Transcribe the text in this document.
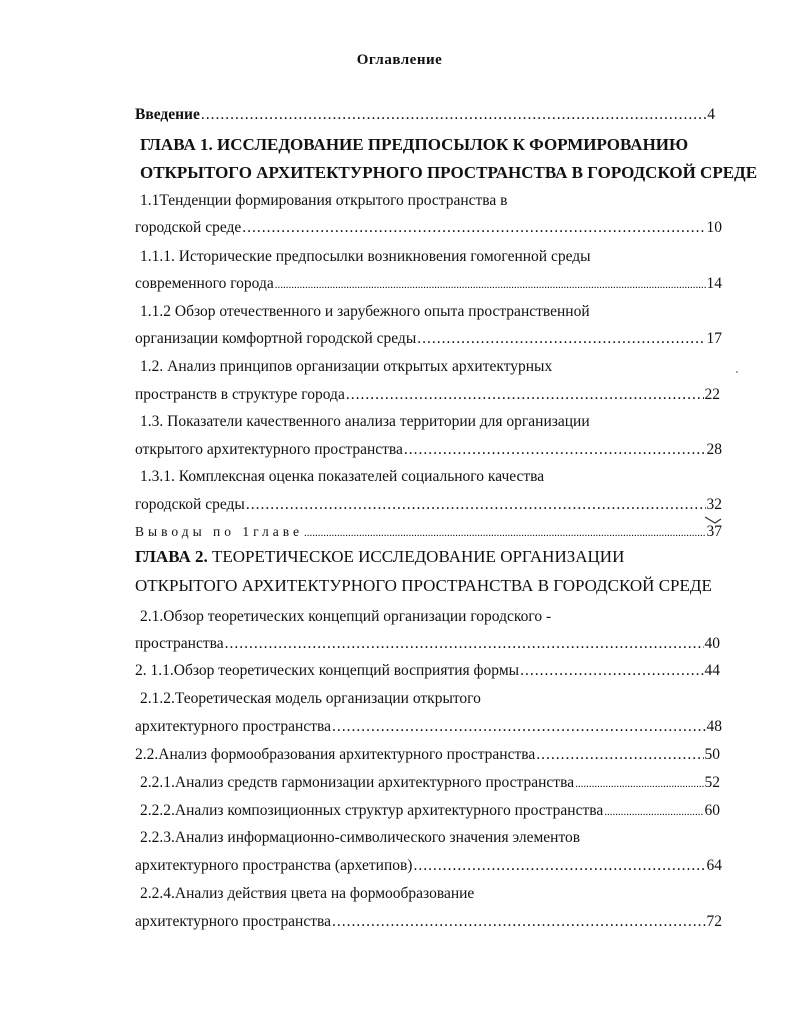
Оглавление
Введение .....	4
ГЛАВА 1. ИССЛЕДОВАНИЕ ПРЕДПОСЫЛОК К ФОРМИРОВАНИЮ
ОТКРЫТОГО АРХИТЕКТУРНОГО ПРОСТРАНСТВА В ГОРОДСКОЙ СРЕДЕ
1.1Тенденции формирования открытого пространства в
городской среде .....	10
1.1.1. Исторические предпосылки возникновения гомогенной среды
современного города .....	14
1.1.2 Обзор отечественного и зарубежного опыта пространственной
организации комфортной городской среды .....	17
1.2. Анализ принципов организации открытых архитектурных
пространств в структуре города .....	22
1.3. Показатели качественного анализа территории для организации
открытого архитектурного пространства .....	28
1.3.1. Комплексная оценка показателей социального качества
городской среды .....	32
Выводы по 1главе .....	37
ГЛАВА 2. ТЕОРЕТИЧЕСКОЕ ИССЛЕДОВАНИЕ ОРГАНИЗАЦИИ
ОТКРЫТОГО АРХИТЕКТУРНОГО ПРОСТРАНСТВА В ГОРОДСКОЙ СРЕДЕ
2.1.Обзор теоретических концепций организации городского -
пространства .....	40
2. 1.1.Обзор теоретических концепций восприятия формы .....	44
2.1.2.Теоретическая модель организации открытого
архитектурного пространства .....	48
2.2.Анализ формообразования архитектурного пространства .....	50
2.2.1.Анализ средств гармонизации архитектурного пространства .....	52
2.2.2.Анализ композиционных структур архитектурного пространства .....	60
2.2.3.Анализ информационно-символического значения элементов
архитектурного пространства (архетипов) .....	64
2.2.4.Анализ действия цвета на формообразование
архитектурного пространства .....	72
